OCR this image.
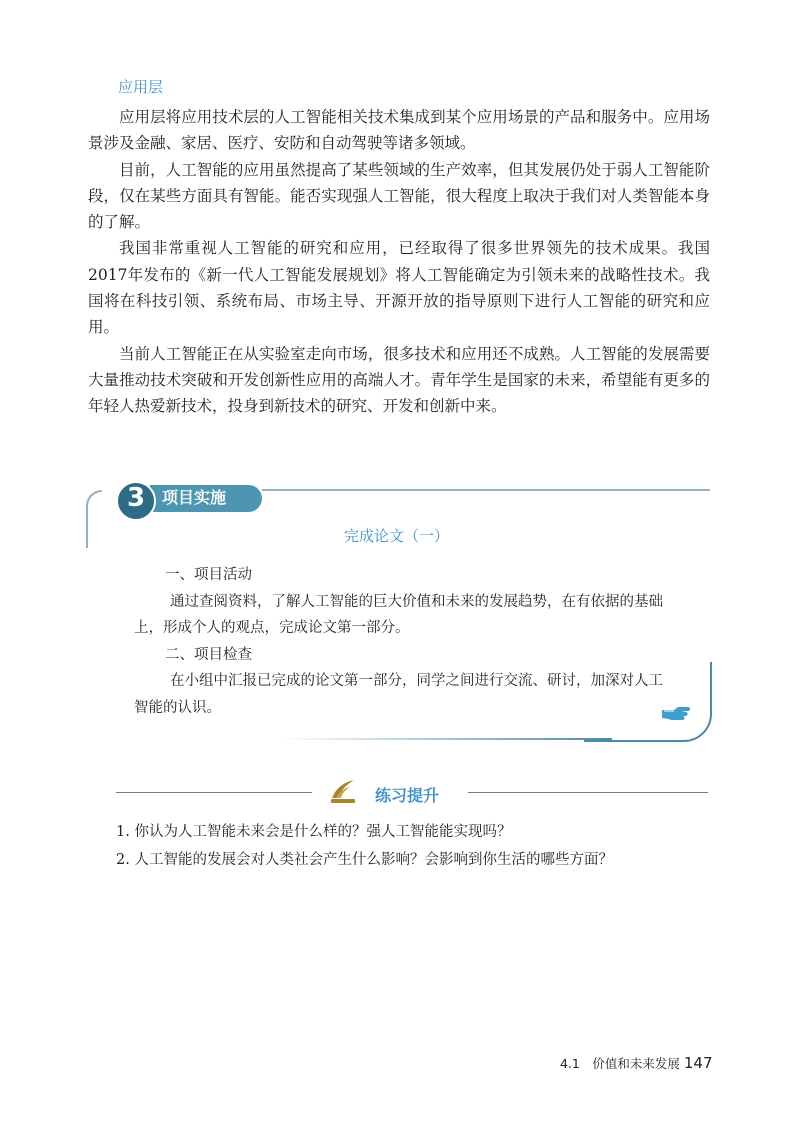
应用层

应用层将应用技术层的人工智能相关技术集成到某个应用场景的产品和服务中。应用场景涉及金融、家居、医疗、安防和自动驾驶等诸多领域。

目前，人工智能的应用虽然提高了某些领域的生产效率，但其发展仍处于弱人工智能阶段，仅在某些方面具有智能。能否实现强人工智能，很大程度上取决于我们对人类智能本身的了解。

我国非常重视人工智能的研究和应用，已经取得了很多世界领先的技术成果。我国2017年发布的《新一代人工智能发展规划》将人工智能确定为引领未来的战略性技术。我国将在科技引领、系统布局、市场主导、开源开放的指导原则下进行人工智能的研究和应用。

当前人工智能正在从实验室走向市场，很多技术和应用还不成熟。人工智能的发展需要大量推动技术突破和开发创新性应用的高端人才。青年学生是国家的未来，希望能有更多的年轻人热爱新技术，投身到新技术的研究、开发和创新中来。

3	项目实施
完成论文（一）

一、项目活动

通过查阅资料，了解人工智能的巨大价值和未来的发展趋势，在有依据的基础上，形成个人的观点，完成论文第一部分。

二、项目检查

在小组中汇报已完成的论文第一部分，同学之间进行交流、研讨，加深对人工智能的认识。

练习提升

1. 你认为人工智能未来会是什么样的？强人工智能能实现吗？

2. 人工智能的发展会对人类社会产生什么影响？会影响到你生活的哪些方面？

4.1　价值和未来发展 147
